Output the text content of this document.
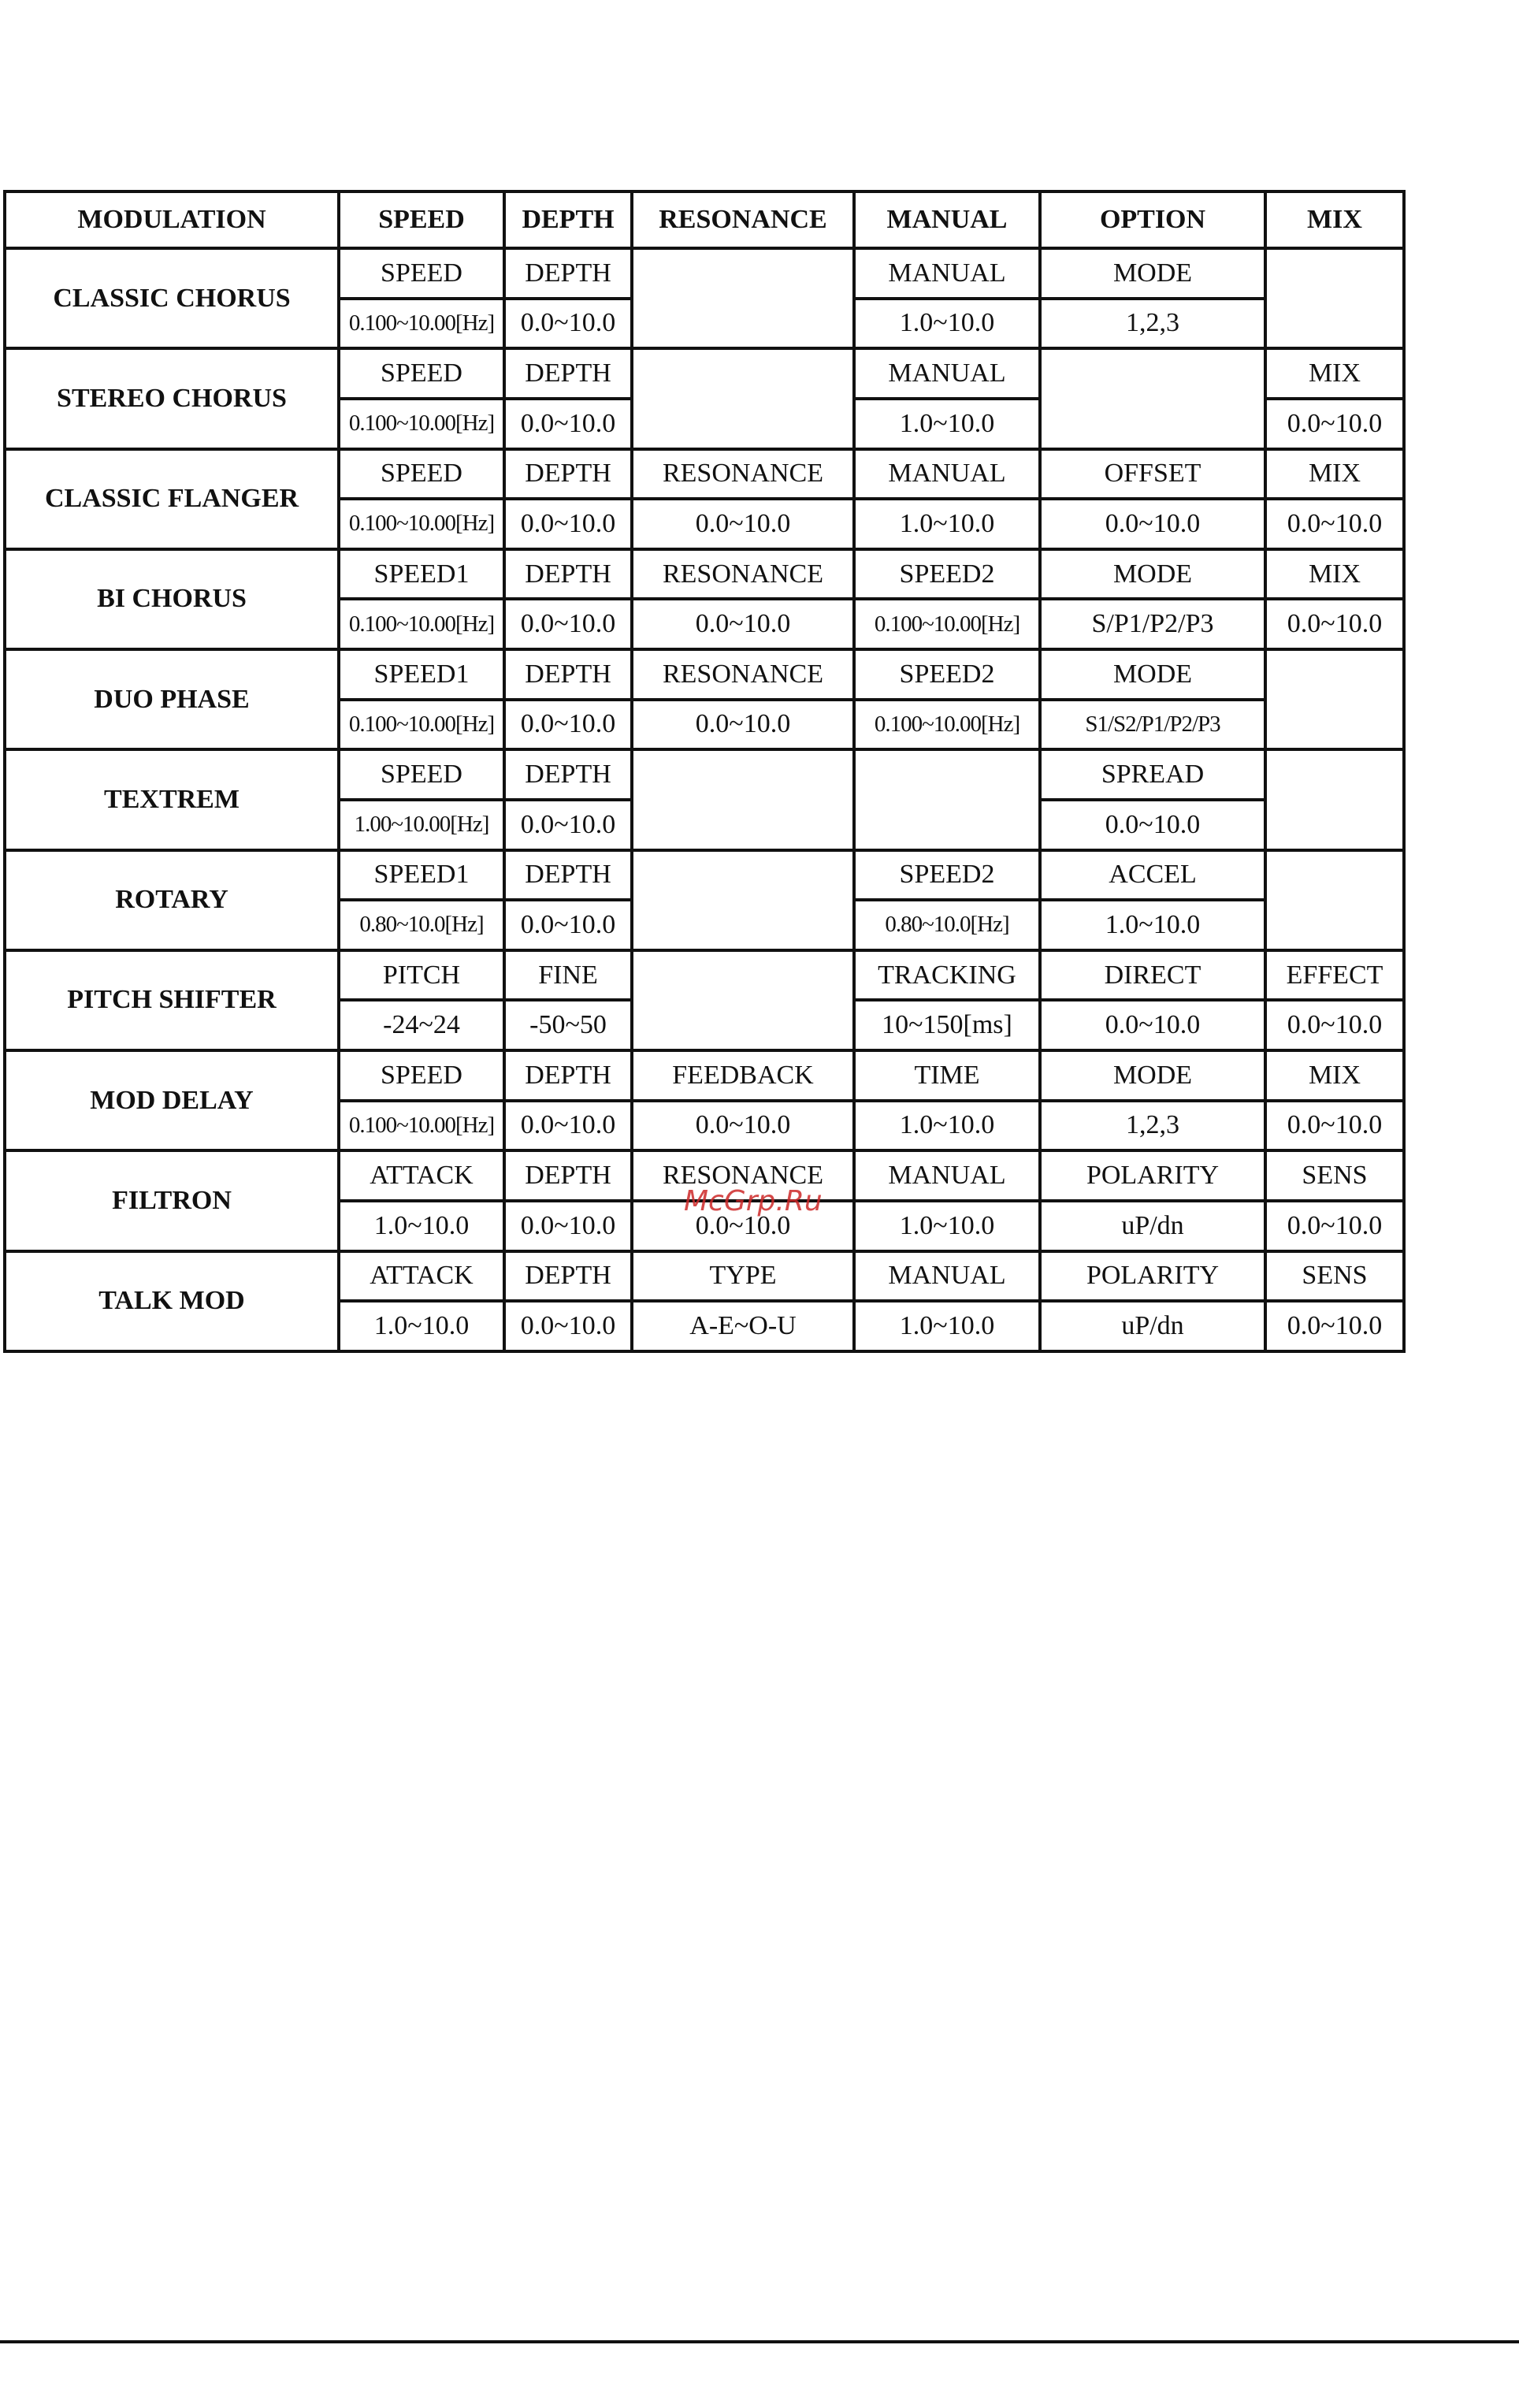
MODULATION	SPEED	DEPTH	RESONANCE	MANUAL	OPTION	MIX
CLASSIC CHORUS	SPEED	DEPTH		MANUAL	MODE	
	0.100~10.00[Hz]	0.0~10.0		1.0~10.0	1,2,3	
STEREO CHORUS	SPEED	DEPTH		MANUAL		MIX
	0.100~10.00[Hz]	0.0~10.0		1.0~10.0		0.0~10.0
CLASSIC FLANGER	SPEED	DEPTH	RESONANCE	MANUAL	OFFSET	MIX
	0.100~10.00[Hz]	0.0~10.0	0.0~10.0	1.0~10.0	0.0~10.0	0.0~10.0
BI CHORUS	SPEED1	DEPTH	RESONANCE	SPEED2	MODE	MIX
	0.100~10.00[Hz]	0.0~10.0	0.0~10.0	0.100~10.00[Hz]	S/P1/P2/P3	0.0~10.0
DUO PHASE	SPEED1	DEPTH	RESONANCE	SPEED2	MODE	
	0.100~10.00[Hz]	0.0~10.0	0.0~10.0	0.100~10.00[Hz]	S1/S2/P1/P2/P3	
TEXTREM	SPEED	DEPTH			SPREAD	
	1.00~10.00[Hz]	0.0~10.0			0.0~10.0	
ROTARY	SPEED1	DEPTH		SPEED2	ACCEL	
	0.80~10.0[Hz]	0.0~10.0		0.80~10.0[Hz]	1.0~10.0	
PITCH SHIFTER	PITCH	FINE		TRACKING	DIRECT	EFFECT
	-24~24	-50~50		10~150[ms]	0.0~10.0	0.0~10.0
MOD DELAY	SPEED	DEPTH	FEEDBACK	TIME	MODE	MIX
	0.100~10.00[Hz]	0.0~10.0	0.0~10.0	1.0~10.0	1,2,3	0.0~10.0
FILTRON	ATTACK	DEPTH	RESONANCE	MANUAL	POLARITY	SENS
	1.0~10.0	0.0~10.0	0.0~10.0	1.0~10.0	uP/dn	0.0~10.0
TALK MOD	ATTACK	DEPTH	TYPE	MANUAL	POLARITY	SENS
	1.0~10.0	0.0~10.0	A-E~O-U	1.0~10.0	uP/dn	0.0~10.0
McGrp.Ru
